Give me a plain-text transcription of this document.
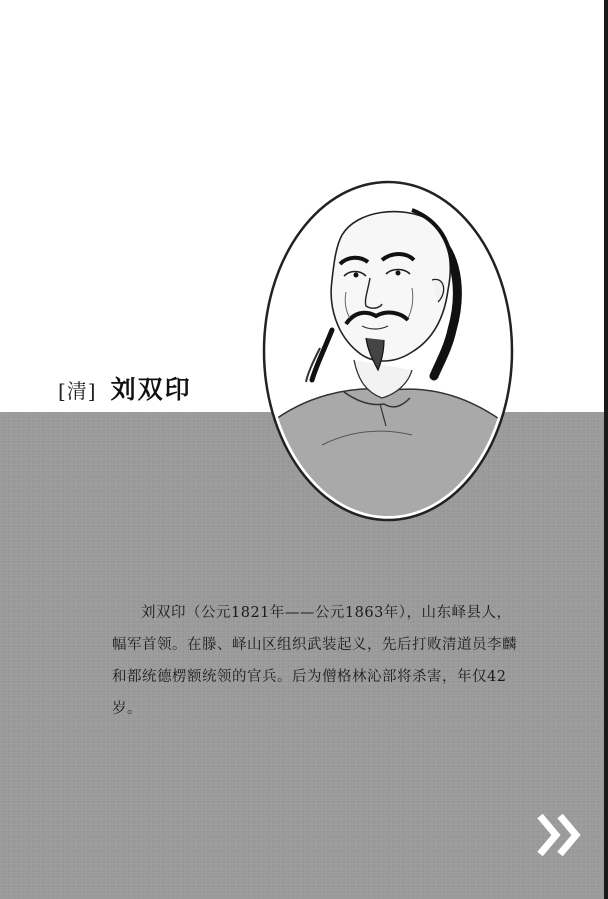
[清] 刘双印

刘双印（公元1821年——公元1863年），山东峄县人，幅军首领。在滕、峄山区组织武装起义，先后打败清道员李麟和都统德楞额统领的官兵。后为僧格林沁部将杀害，年仅42岁。
